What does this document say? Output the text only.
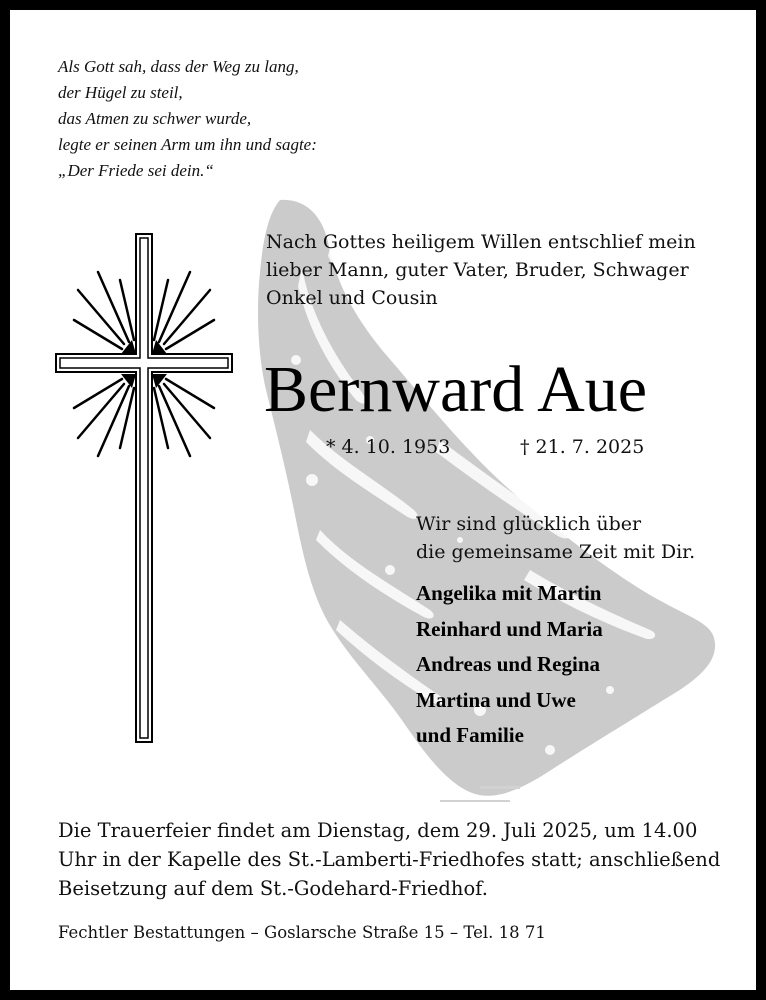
Als Gott sah, dass der Weg zu lang,
der Hügel zu steil,
das Atmen zu schwer wurde,
legte er seinen Arm um ihn und sagte:
„Der Friede sei dein.“
Nach Gottes heiligem Willen entschlief mein
lieber Mann, guter Vater, Bruder, Schwager
Onkel und Cousin
Bernward Aue
* 4. 10. 1953	† 21. 7. 2025
Wir sind glücklich über
die gemeinsame Zeit mit Dir.
Angelika mit Martin
Reinhard und Maria
Andreas und Regina
Martina und Uwe
und Familie
Die Trauerfeier findet am Dienstag, dem 29. Juli 2025, um 14.00
Uhr in der Kapelle des St.-Lamberti-Friedhofes statt; anschließend
Beisetzung auf dem St.-Godehard-Friedhof.
Fechtler Bestattungen – Goslarsche Straße 15 – Tel. 18 71
